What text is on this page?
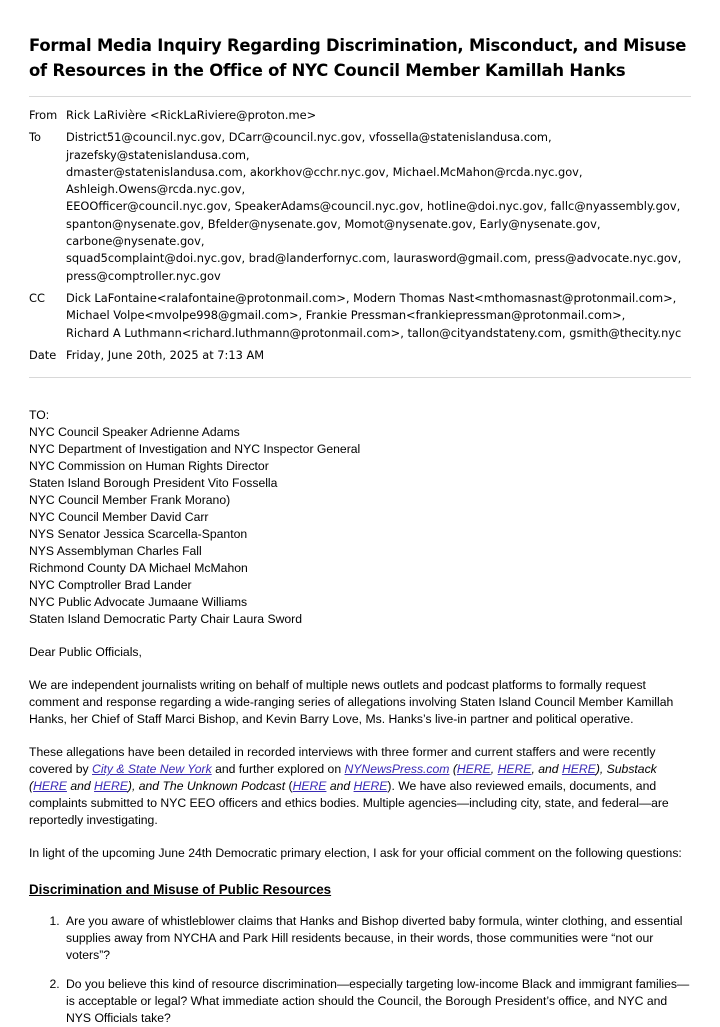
Formal Media Inquiry Regarding Discrimination, Misconduct, and Misuse of Resources in the Office of NYC Council Member Kamillah Hanks
From Rick LaRivière <RickLaRiviere@proton.me>
To	District51@council.nyc.gov, DCarr@council.nyc.gov, vfossella@statenislandusa.com, jrazefsky@statenislandusa.com,
dmaster@statenislandusa.com, akorkhov@cchr.nyc.gov, Michael.McMahon@rcda.nyc.gov, Ashleigh.Owens@rcda.nyc.gov,
EEOOfficer@council.nyc.gov, SpeakerAdams@council.nyc.gov, hotline@doi.nyc.gov, fallc@nyassembly.gov,
spanton@nysenate.gov, Bfelder@nysenate.gov, Momot@nysenate.gov, Early@nysenate.gov, carbone@nysenate.gov,
squad5complaint@doi.nyc.gov, brad@landerfornyc.com, laurasword@gmail.com, press@advocate.nyc.gov,
press@comptroller.nyc.gov
CC	Dick LaFontaine<ralafontaine@protonmail.com>, Modern Thomas Nast<mthomasnast@protonmail.com>,
Michael Volpe<mvolpe998@gmail.com>, Frankie Pressman<frankiepressman@protonmail.com>,
Richard A Luthmann<richard.luthmann@protonmail.com>, tallon@cityandstateny.com, gsmith@thecity.nyc
Date Friday, June 20th, 2025 at 7:13 AM
TO:
NYC Council Speaker Adrienne Adams
NYC Department of Investigation and NYC Inspector General
NYC Commission on Human Rights Director
Staten Island Borough President Vito Fossella
NYC Council Member Frank Morano)
NYC Council Member David Carr
NYS Senator Jessica Scarcella-Spanton
NYS Assemblyman Charles Fall
Richmond County DA Michael McMahon
NYC Comptroller Brad Lander
NYC Public Advocate Jumaane Williams
Staten Island Democratic Party Chair Laura Sword

Dear Public Officials,

We are independent journalists writing on behalf of multiple news outlets and podcast platforms to formally request comment and response regarding a wide-ranging series of allegations involving Staten Island Council Member Kamillah Hanks, her Chief of Staff Marci Bishop, and Kevin Barry Love, Ms. Hanks’s live-in partner and political operative.

These allegations have been detailed in recorded interviews with three former and current staffers and were recently covered by City & State New York and further explored on NYNewsPress.com (HERE, HERE, and HERE), Substack (HERE and HERE), and The Unknown Podcast (HERE and HERE). We have also reviewed emails, documents, and complaints submitted to NYC EEO officers and ethics bodies. Multiple agencies—including city, state, and federal—are reportedly investigating.

In light of the upcoming June 24th Democratic primary election, I ask for your official comment on the following questions:

Discrimination and Misuse of Public Resources
1. Are you aware of whistleblower claims that Hanks and Bishop diverted baby formula, winter clothing, and essential supplies away from NYCHA and Park Hill residents because, in their words, those communities were “not our voters”?
2. Do you believe this kind of resource discrimination—especially targeting low-income Black and immigrant families—is acceptable or legal? What immediate action should the Council, the Borough President’s office, and NYC and NYS Officials take?
